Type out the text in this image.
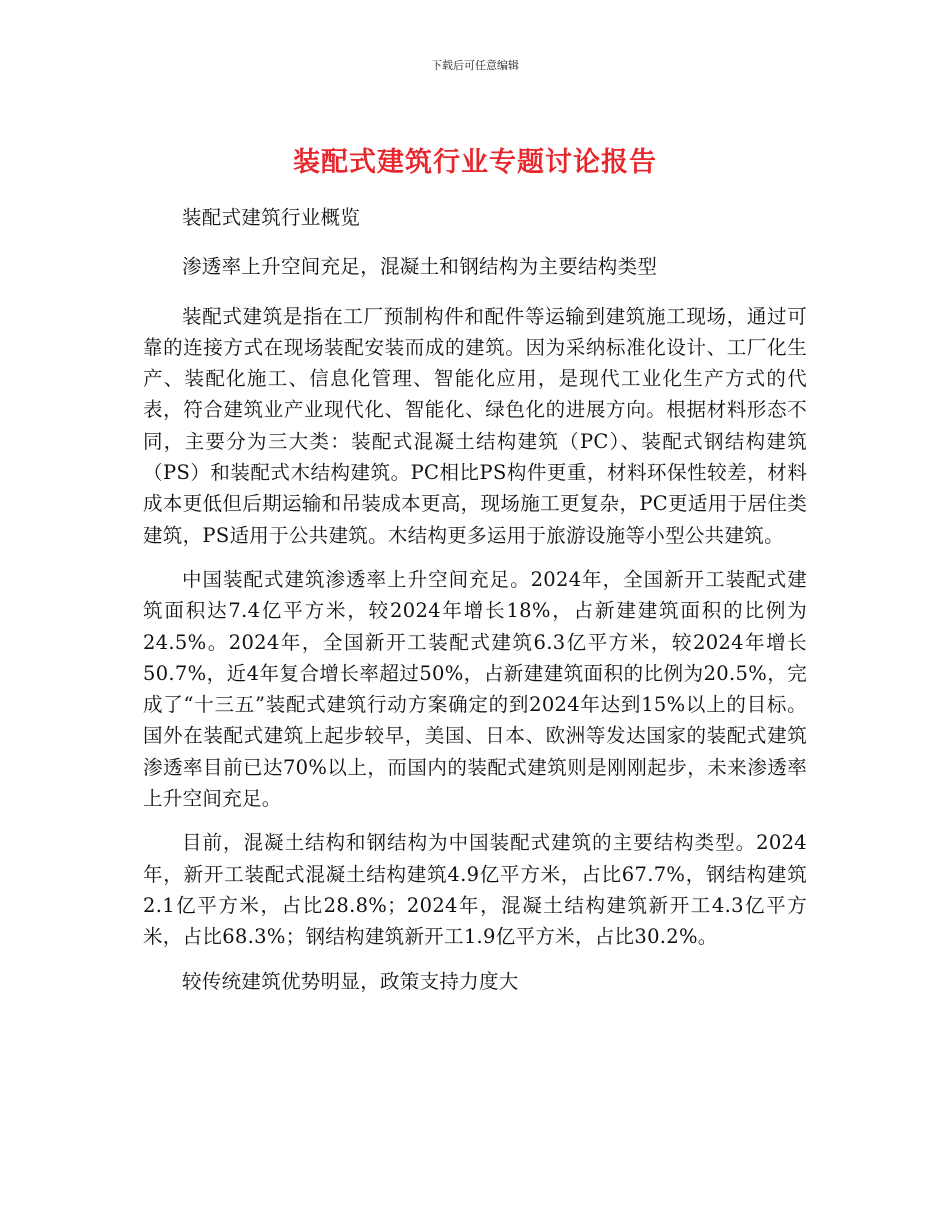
下载后可任意编辑
装配式建筑行业专题讨论报告

装配式建筑行业概览

渗透率上升空间充足，混凝土和钢结构为主要结构类型

装配式建筑是指在工厂预制构件和配件等运输到建筑施工现场，通过可靠的连接方式在现场装配安装而成的建筑。因为采纳标准化设计、工厂化生产、装配化施工、信息化管理、智能化应用，是现代工业化生产方式的代表，符合建筑业产业现代化、智能化、绿色化的进展方向。根据材料形态不同，主要分为三大类：装配式混凝土结构建筑（PC）、装配式钢结构建筑（PS）和装配式木结构建筑。PC相比PS构件更重，材料环保性较差，材料成本更低但后期运输和吊装成本更高，现场施工更复杂，PC更适用于居住类建筑，PS适用于公共建筑。木结构更多运用于旅游设施等小型公共建筑。

中国装配式建筑渗透率上升空间充足。2024年，全国新开工装配式建筑面积达7.4亿平方米，较2024年增长18%，占新建建筑面积的比例为24.5%。2024年，全国新开工装配式建筑6.3亿平方米，较2024年增长50.7%，近4年复合增长率超过50%，占新建建筑面积的比例为20.5%，完成了“十三五”装配式建筑行动方案确定的到2024年达到15%以上的目标。国外在装配式建筑上起步较早，美国、日本、欧洲等发达国家的装配式建筑渗透率目前已达70%以上，而国内的装配式建筑则是刚刚起步，未来渗透率上升空间充足。

目前，混凝土结构和钢结构为中国装配式建筑的主要结构类型。2024年，新开工装配式混凝土结构建筑4.9亿平方米，占比67.7%，钢结构建筑2.1亿平方米，占比28.8%；2024年，混凝土结构建筑新开工4.3亿平方米，占比68.3%；钢结构建筑新开工1.9亿平方米，占比30.2%。

较传统建筑优势明显，政策支持力度大
